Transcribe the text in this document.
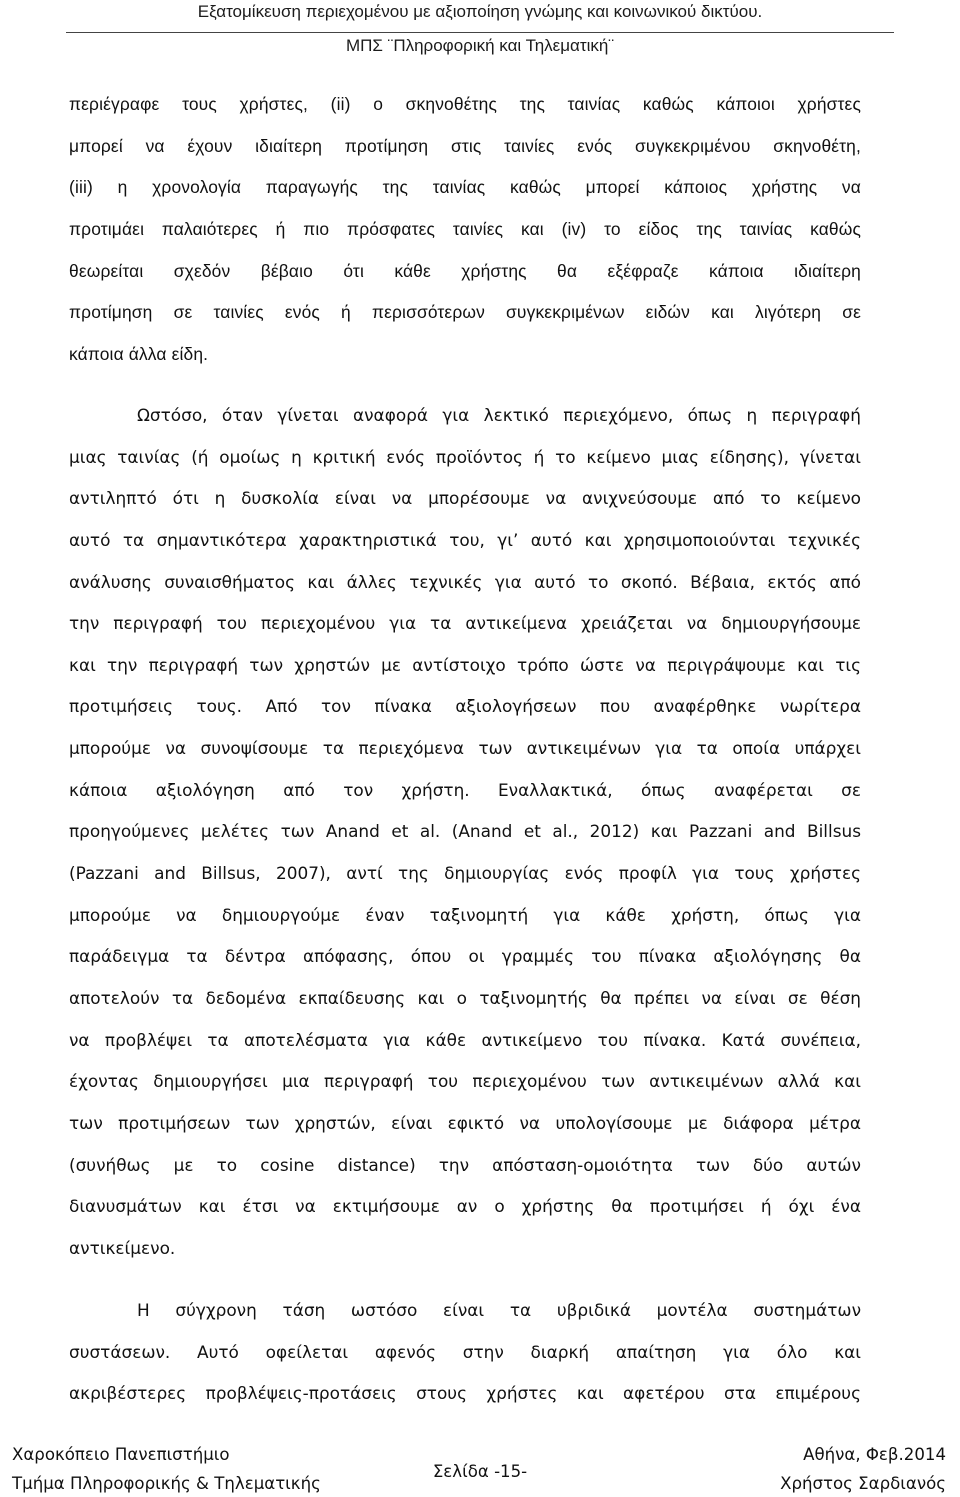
Εξατομίκευση περιεχομένου με αξιοποίηση γνώμης και κοινωνικού δικτύου.
ΜΠΣ ¨Πληροφορική και Τηλεματική¨
περιέγραφε τους χρήστες, (ii) ο σκηνοθέτης της ταινίας καθώς κάποιοι χρήστες
μπορεί να έχουν ιδιαίτερη προτίμηση στις ταινίες ενός συγκεκριμένου σκηνοθέτη,
(iii) η χρονολογία παραγωγής της ταινίας καθώς μπορεί κάποιος χρήστης να
προτιμάει παλαιότερες ή πιο πρόσφατες ταινίες και (iv) το είδος της ταινίας καθώς
θεωρείται σχεδόν βέβαιο ότι κάθε χρήστης θα εξέφραζε κάποια ιδιαίτερη
προτίμηση σε ταινίες ενός ή περισσότερων συγκεκριμένων ειδών και λιγότερη σε
κάποια άλλα είδη.
Ωστόσο, όταν γίνεται αναφορά για λεκτικό περιεχόμενο, όπως η περιγραφή
μιας ταινίας (ή ομοίως η κριτική ενός προϊόντος ή το κείμενο μιας είδησης), γίνεται
αντιληπτό ότι η δυσκολία είναι να μπορέσουμε να ανιχνεύσουμε από το κείμενο
αυτό τα σημαντικότερα χαρακτηριστικά του, γι’ αυτό και χρησιμοποιούνται τεχνικές
ανάλυσης συναισθήματος και άλλες τεχνικές για αυτό το σκοπό. Βέβαια, εκτός από
την περιγραφή του περιεχομένου για τα αντικείμενα χρειάζεται να δημιουργήσουμε
και την περιγραφή των χρηστών με αντίστοιχο τρόπο ώστε να περιγράψουμε και τις
προτιμήσεις τους. Από τον πίνακα αξιολογήσεων που αναφέρθηκε νωρίτερα
μπορούμε να συνοψίσουμε τα περιεχόμενα των αντικειμένων για τα οποία υπάρχει
κάποια αξιολόγηση από τον χρήστη. Εναλλακτικά, όπως αναφέρεται σε
προηγούμενες μελέτες των Anand et al. (Anand et al., 2012) και Pazzani and Billsus
(Pazzani and Billsus, 2007), αντί της δημιουργίας ενός προφίλ για τους χρήστες
μπορούμε να δημιουργούμε έναν ταξινομητή για κάθε χρήστη, όπως για
παράδειγμα τα δέντρα απόφασης, όπου οι γραμμές του πίνακα αξιολόγησης θα
αποτελούν τα δεδομένα εκπαίδευσης και ο ταξινομητής θα πρέπει να είναι σε θέση
να προβλέψει τα αποτελέσματα για κάθε αντικείμενο του πίνακα. Κατά συνέπεια,
έχοντας δημιουργήσει μια περιγραφή του περιεχομένου των αντικειμένων αλλά και
των προτιμήσεων των χρηστών, είναι εφικτό να υπολογίσουμε με διάφορα μέτρα
(συνήθως με το cosine distance) την απόσταση-ομοιότητα των δύο αυτών
διανυσμάτων και έτσι να εκτιμήσουμε αν ο χρήστης θα προτιμήσει ή όχι ένα
αντικείμενο.
Η σύγχρονη τάση ωστόσο είναι τα υβριδικά μοντέλα συστημάτων
συστάσεων. Αυτό οφείλεται αφενός στην διαρκή απαίτηση για όλο και
ακριβέστερες προβλέψεις-προτάσεις στους χρήστες και αφετέρου στα επιμέρους
Χαροκόπειο Πανεπιστήμιο
Τμήμα Πληροφορικής & Τηλεματικής
Σελίδα -15-
Αθήνα, Φεβ.2014
Χρήστος Σαρδιανός
